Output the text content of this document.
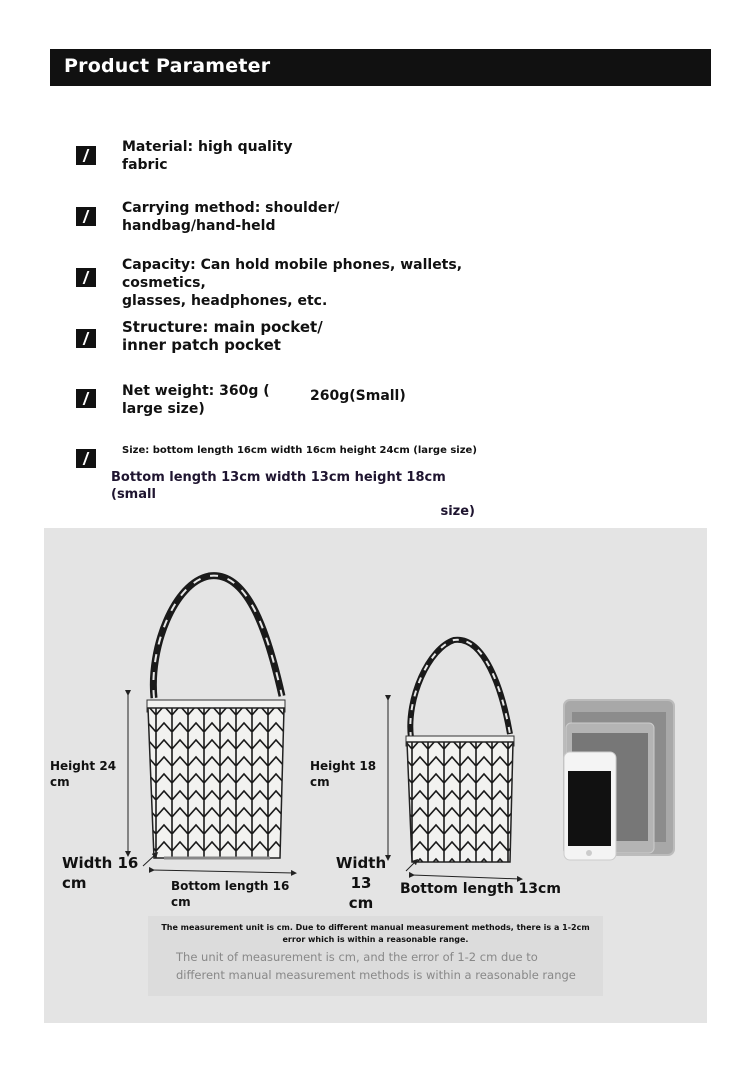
Product Parameter
Material: high quality
fabric
Carrying method: shoulder/
handbag/hand-held
Capacity: Can hold mobile phones, wallets, cosmetics,
glasses, headphones, etc.
Structure: main pocket/
inner patch pocket
Net weight: 360g (
large size)
260g(Small)
Size: bottom length 16cm width 16cm height 24cm (large size)
Bottom length 13cm width 13cm height 18cm (small
size)
Height 24
cm
Width 16
cm	Bottom length 16
cm
Height 18
cm
Width 13
cm
Bottom length 13cm
The measurement unit is cm. Due to different manual measurement methods, there is a 1-2cm error which is within a reasonable range.
The unit of measurement is cm, and the error of 1-2 cm due to different manual measurement methods is within a reasonable range
